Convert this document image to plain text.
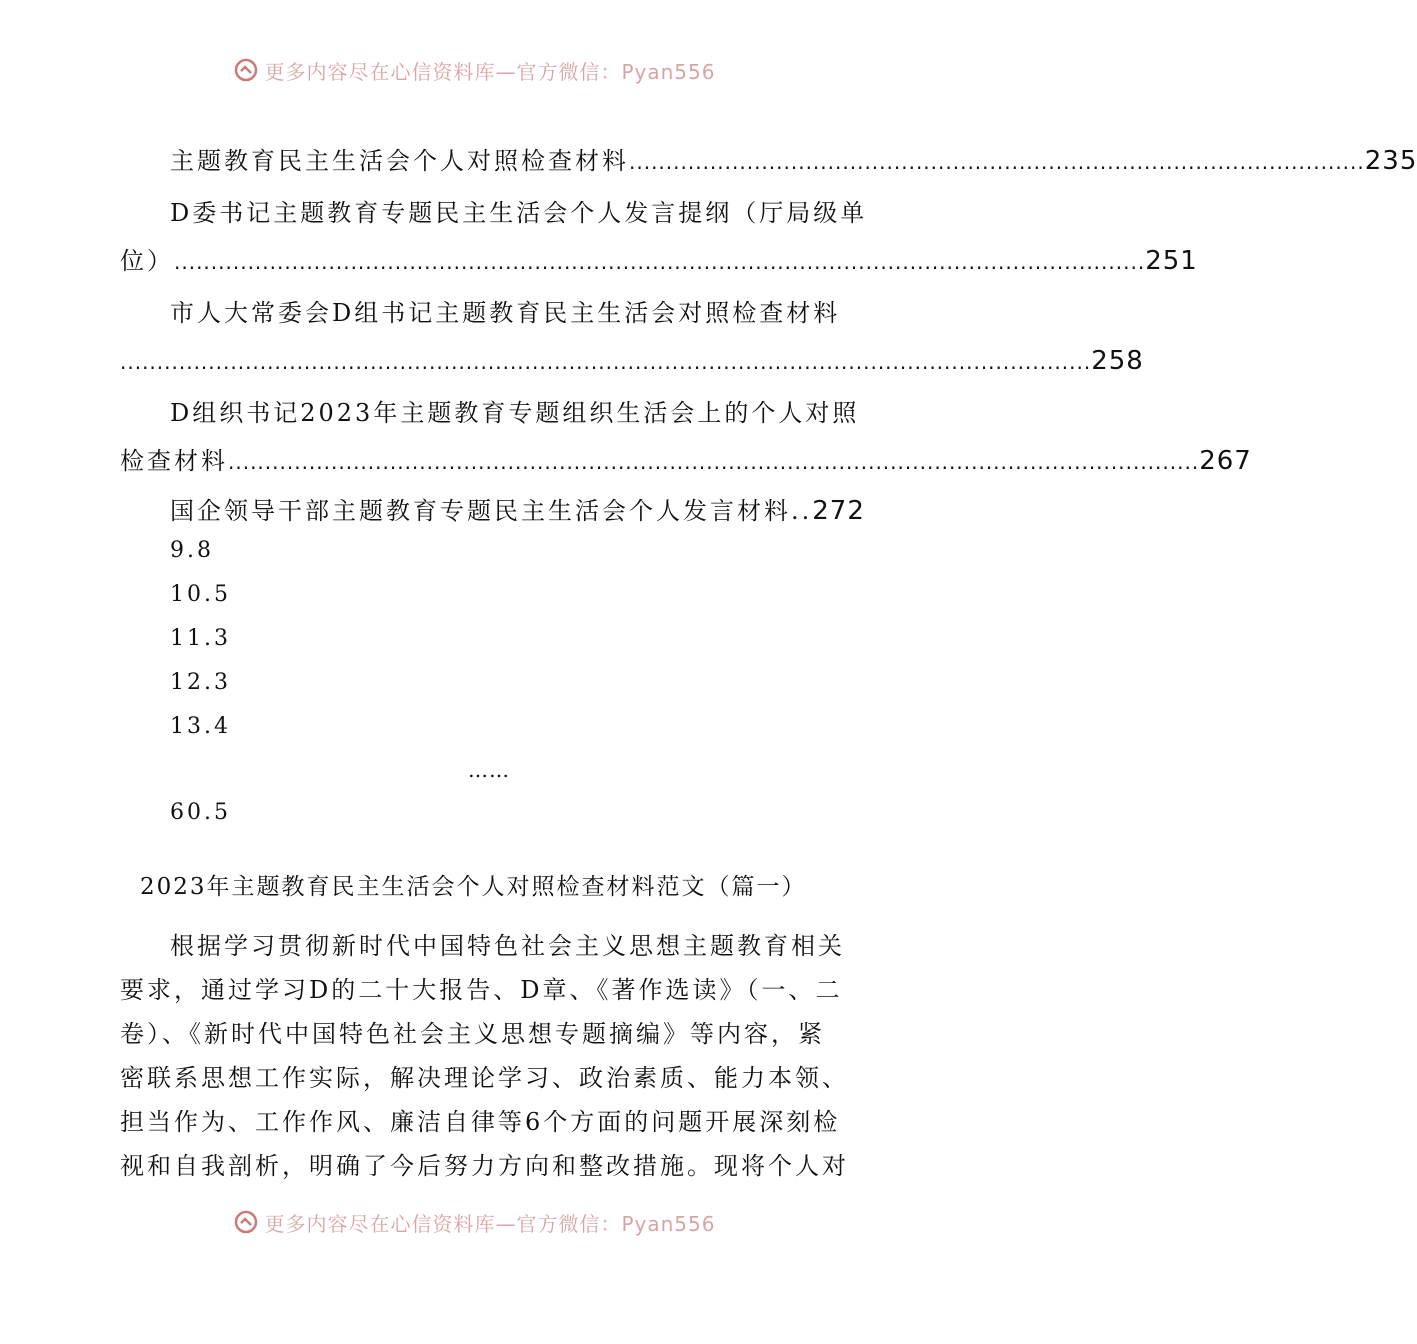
更多内容尽在心信资料库—官方微信：Pyan556
主题教育民主生活会个人对照检查材料 .................................................................................................... 235
D委书记主题教育专题民主生活会个人发言提纲（厅局级单
位） .................................................................................................................................... 251
市人大常委会D组书记主题教育民主生活会对照检查材料
.................................................................................................................................... 258
D组织书记2023年主题教育专题组织生活会上的个人对照
检查材料 .................................................................................................................................... 267
国企领导干部主题教育专题民主生活会个人发言材料.. 272
9.8
10.5
11.3
12.3
13.4
……
60.5
2023年主题教育民主生活会个人对照检查材料范文（篇一）
根据学习贯彻新时代中国特色社会主义思想主题教育相关
要求，通过学习D的二十大报告、D章、《著作选读》（一、二
卷）、《新时代中国特色社会主义思想专题摘编》等内容，紧
密联系思想工作实际，解决理论学习、政治素质、能力本领、
担当作为、工作作风、廉洁自律等6个方面的问题开展深刻检
视和自我剖析，明确了今后努力方向和整改措施。现将个人对
更多内容尽在心信资料库—官方微信：Pyan556
